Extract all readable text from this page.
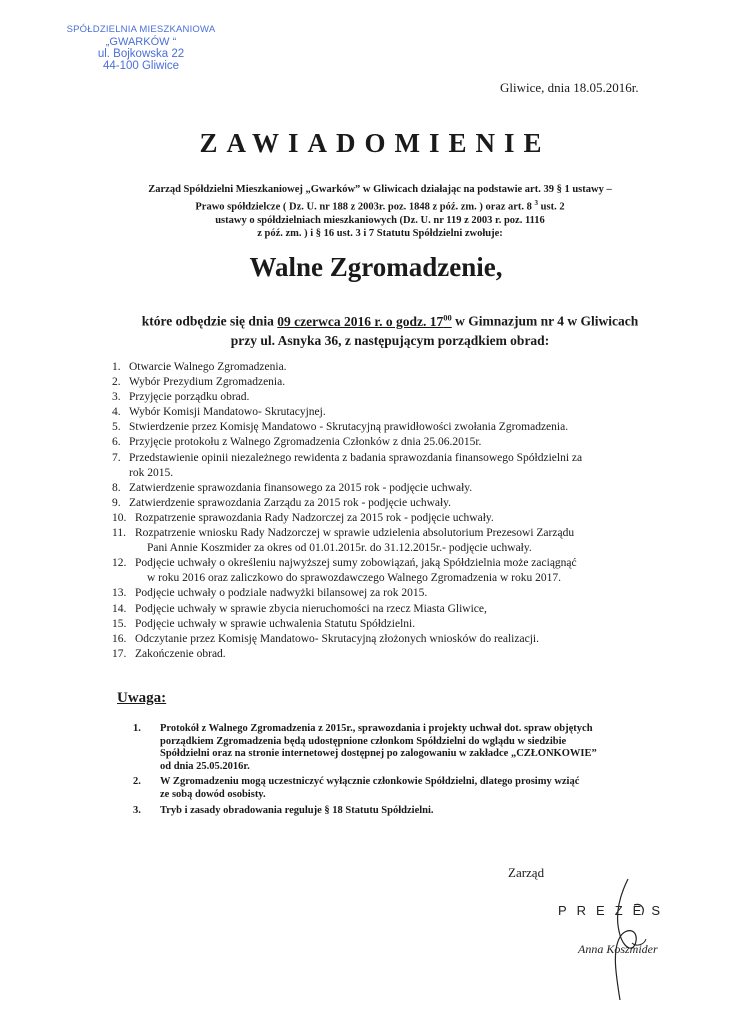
SPÓŁDZIELNIA MIESZKANIOWA
„GWARKÓW “
ul. Bojkowska 22
44-100 Gliwice
Gliwice, dnia 18.05.2016r.
ZAWIADOMIENIE
Zarząd Spółdzielni Mieszkaniowej „Gwarków” w Gliwicach działając na podstawie art. 39 § 1 ustawy –
Prawo spółdzielcze ( Dz. U. nr 188 z 2003r. poz. 1848 z póź. zm. ) oraz art. 8 $^3$ ust. 2
ustawy o spółdzielniach mieszkaniowych (Dz. U. nr 119 z 2003 r. poz. 1116
z póź. zm. ) i § 16 ust. 3 i 7 Statutu Spółdzielni zwołuje:
Walne Zgromadzenie,
które odbędzie się dnia 09 czerwca 2016 r. o godz. $17^{00}$ w Gimnazjum nr 4 w Gliwicach
przy ul. Asnyka 36, z następującym porządkiem obrad:
1. Otwarcie Walnego Zgromadzenia.
2. Wybór Prezydium Zgromadzenia.
3. Przyjęcie porządku obrad.
4. Wybór Komisji Mandatowo- Skrutacyjnej.
5. Stwierdzenie przez Komisję Mandatowo - Skrutacyjną prawidłowości zwołania Zgromadzenia.
6. Przyjęcie protokołu z Walnego Zgromadzenia Członków z dnia 25.06.2015r.
7. Przedstawienie opinii niezależnego rewidenta z badania sprawozdania finansowego Spółdzielni za
rok 2015.
8. Zatwierdzenie sprawozdania finansowego za 2015 rok - podjęcie uchwały.
9. Zatwierdzenie sprawozdania Zarządu za 2015 rok - podjęcie uchwały.
10. Rozpatrzenie sprawozdania Rady Nadzorczej za 2015 rok - podjęcie uchwały.
11. Rozpatrzenie wniosku Rady Nadzorczej w sprawie udzielenia absolutorium Prezesowi Zarządu
Pani Annie Koszmider za okres od 01.01.2015r. do 31.12.2015r.- podjęcie uchwały.
12. Podjęcie uchwały o określeniu najwyższej sumy zobowiązań, jaką Spółdzielnia może zaciągnąć
w roku 2016 oraz zaliczkowo do sprawozdawczego Walnego Zgromadzenia w roku 2017.
13. Podjęcie uchwały o podziale nadwyżki bilansowej za rok 2015.
14. Podjęcie uchwały w sprawie zbycia nieruchomości na rzecz Miasta Gliwice,
15. Podjęcie uchwały w sprawie uchwalenia Statutu Spółdzielni.
16. Odczytanie przez Komisję Mandatowo- Skrutacyjną złożonych wniosków do realizacji.
17. Zakończenie obrad.
Uwaga:
1. Protokół z Walnego Zgromadzenia z 2015r., sprawozdania i projekty uchwał dot. spraw objętych
porządkiem Zgromadzenia będą udostępnione członkom Spółdzielni do wglądu w siedzibie
Spółdzielni oraz na stronie internetowej dostępnej po zalogowaniu w zakładce „CZŁONKOWIE”
od dnia 25.05.2016r.
2. W Zgromadzeniu mogą uczestniczyć wyłącznie członkowie Spółdzielni, dlatego prosimy wziąć
ze sobą dowód osobisty.
3. Tryb i zasady obradowania reguluje § 18 Statutu Spółdzielni.
Zarząd
PREZES
Anna Koszmider
